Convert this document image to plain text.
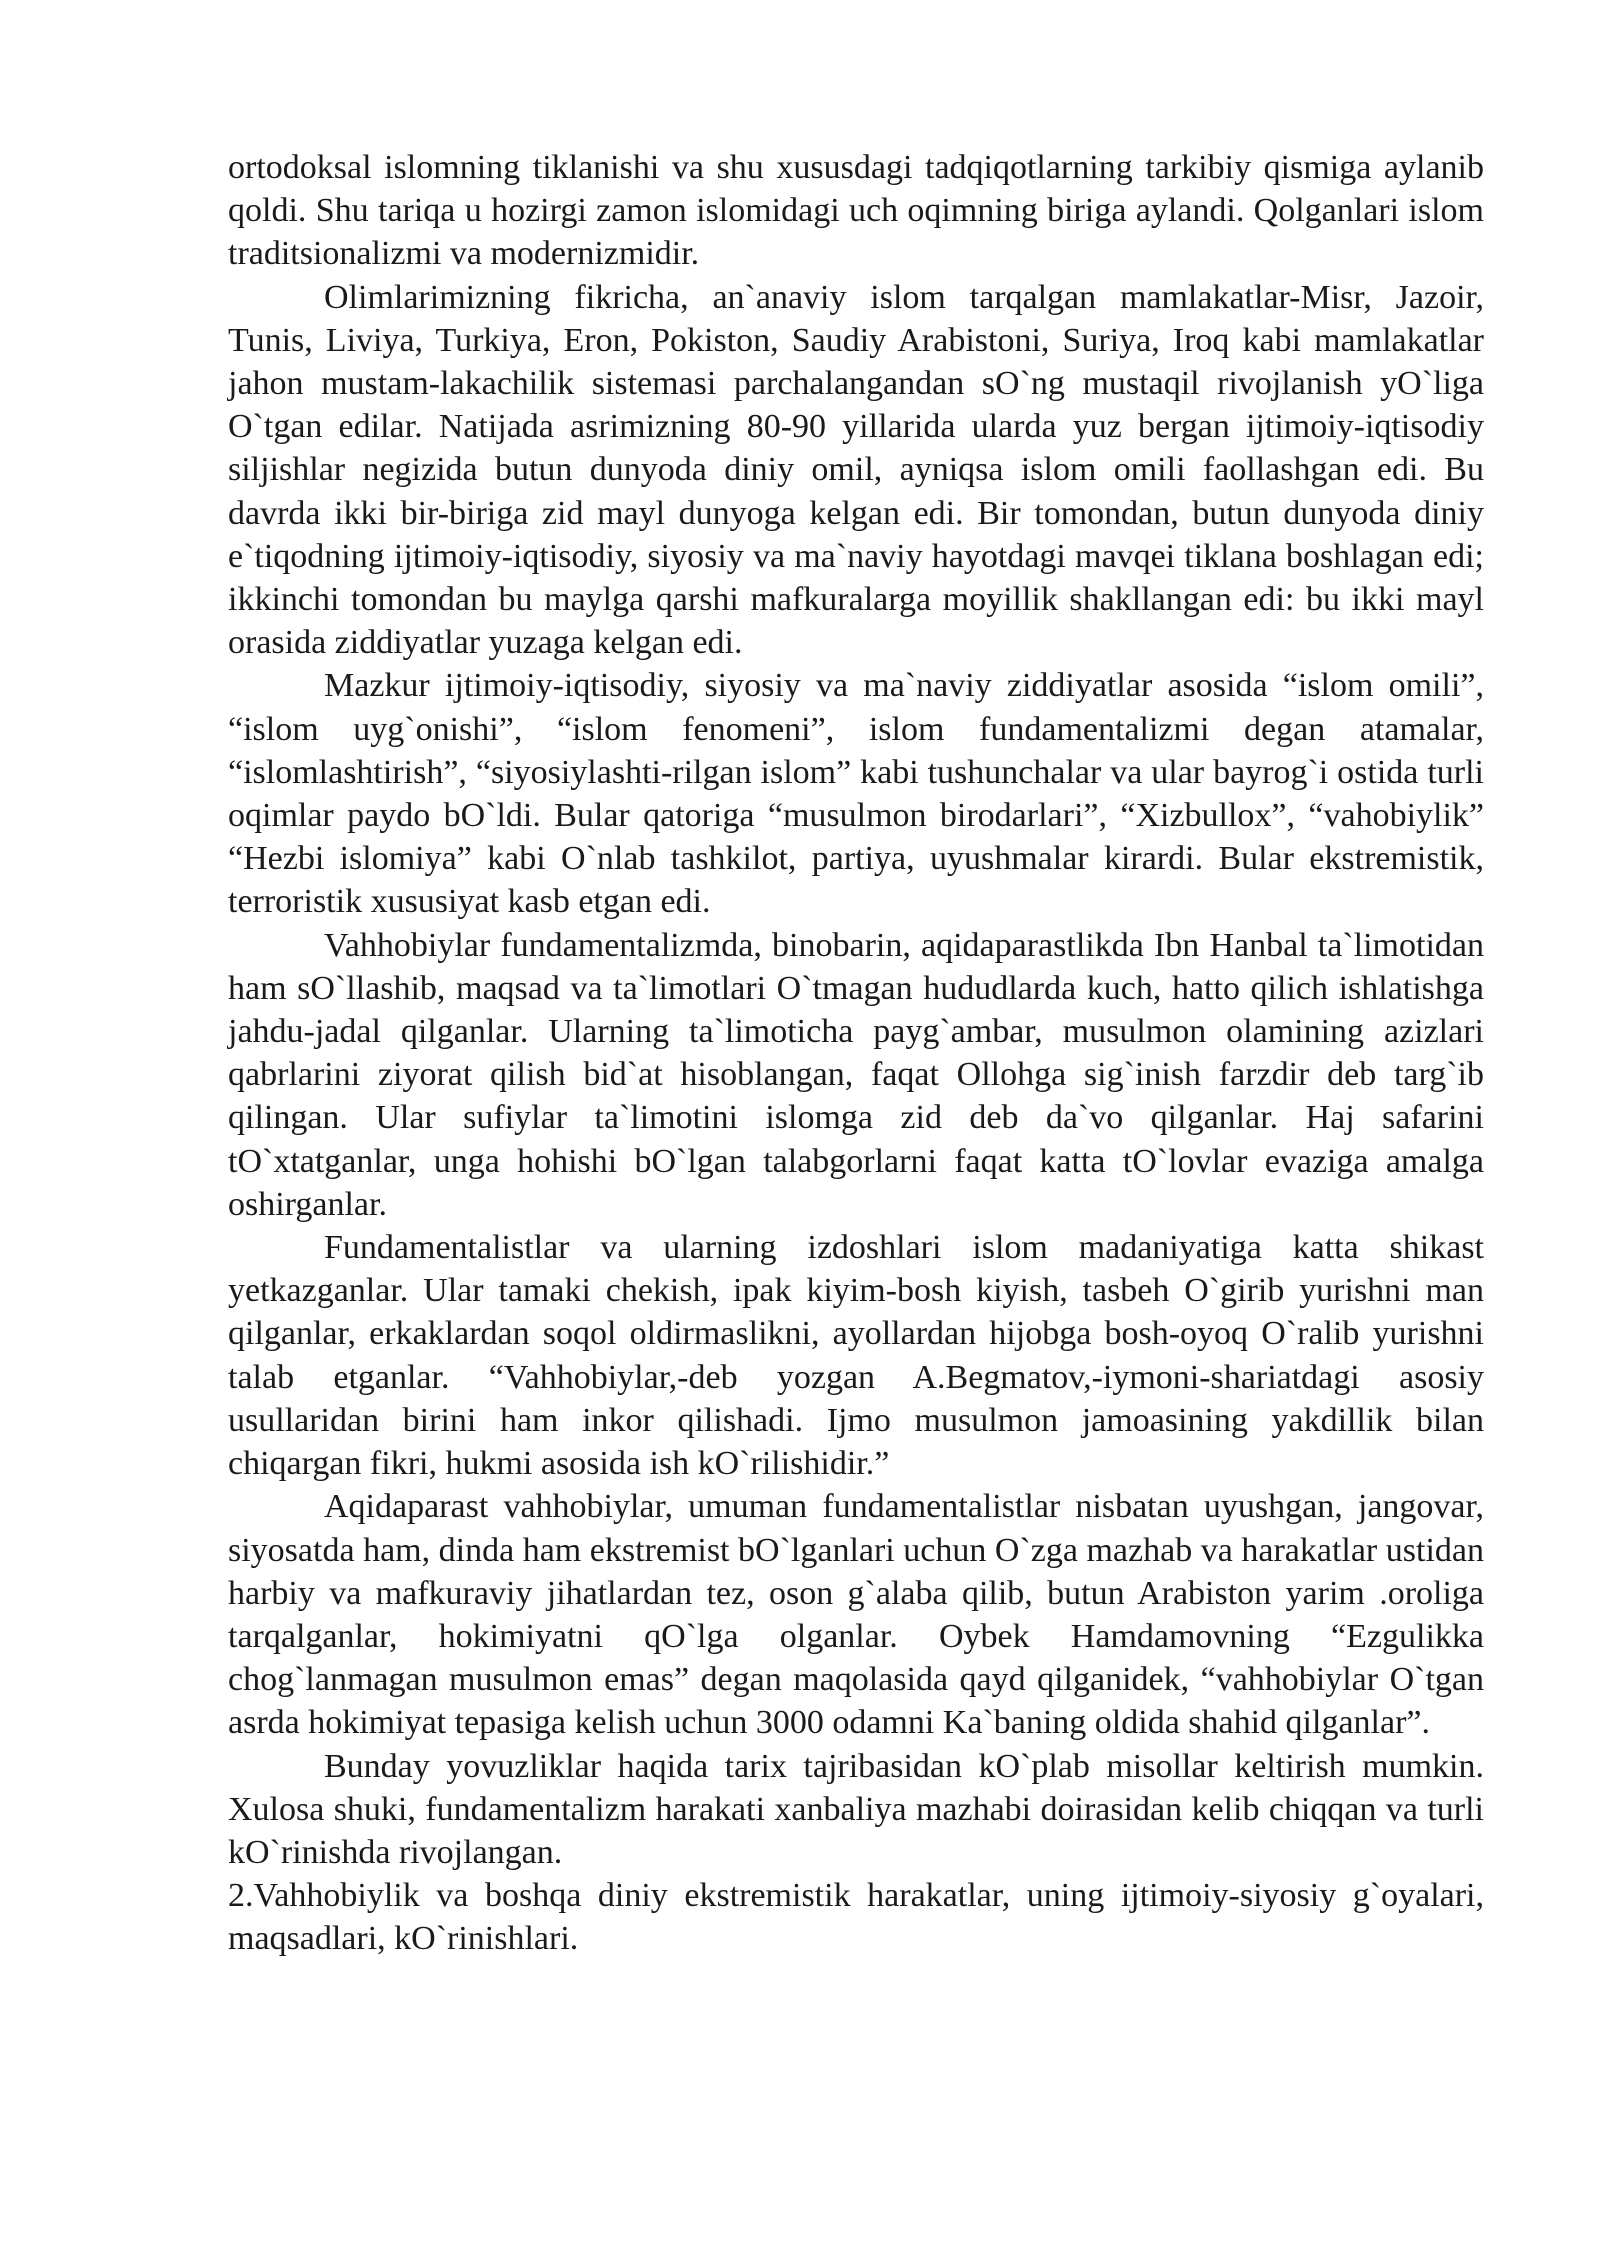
ortodoksal islomning tiklanishi va shu xususdagi tadqiqotlarning tarkibiy qismiga aylanib qoldi. Shu tariqa u hozirgi zamon islomidagi uch oqimning biriga aylandi. Qolganlari islom traditsionalizmi va modernizmidir.

Olimlarimizning fikricha, an`anaviy islom tarqalgan mamlakatlar-Misr, Jazoir, Tunis, Liviya, Turkiya, Eron, Pokiston, Saudiy Arabistoni, Suriya, Iroq kabi mamlakatlar jahon mustam-lakachilik sistemasi parchalangandan sO`ng mustaqil rivojlanish yO`liga O`tgan edilar. Natijada asrimizning 80-90 yillarida ularda yuz bergan ijtimoiy-iqtisodiy siljishlar negizida butun dunyoda diniy omil, ayniqsa islom omili faollashgan edi. Bu davrda ikki bir-biriga zid mayl dunyoga kelgan edi. Bir tomondan, butun dunyoda diniy e`tiqodning ijtimoiy-iqtisodiy, siyosiy va ma`naviy hayotdagi mavqei tiklana boshlagan edi; ikkinchi tomondan bu maylga qarshi mafkuralarga moyillik shakllangan edi: bu ikki mayl orasida ziddiyatlar yuzaga kelgan edi.

Mazkur ijtimoiy-iqtisodiy, siyosiy va ma`naviy ziddiyatlar asosida “islom omili”, “islom uyg`onishi”, “islom fenomeni”, islom fundamentalizmi degan atamalar, “islomlashtirish”, “siyosiylashti-rilgan islom” kabi tushunchalar va ular bayrog`i ostida turli oqimlar paydo bO`ldi. Bular qatoriga “musulmon birodarlari”, “Xizbullox”, “vahobiylik” “Hezbi islomiya” kabi O`nlab tashkilot, partiya, uyushmalar kirardi. Bular ekstremistik, terroristik xususiyat kasb etgan edi.

Vahhobiylar fundamentalizmda, binobarin, aqidaparastlikda Ibn Hanbal ta`limotidan ham sO`llashib, maqsad va ta`limotlari O`tmagan hududlarda kuch, hatto qilich ishlatishga jahdu-jadal qilganlar. Ularning ta`limoticha payg`ambar, musulmon olamining azizlari qabrlarini ziyorat qilish bid`at hisoblangan, faqat Ollohga sig`inish farzdir deb targ`ib qilingan. Ular sufiylar ta`limotini islomga zid deb da`vo qilganlar. Haj safarini tO`xtatganlar, unga hohishi bO`lgan talabgorlarni faqat katta tO`lovlar evaziga amalga oshirganlar.

Fundamentalistlar va ularning izdoshlari islom madaniyatiga katta shikast yetkazganlar. Ular tamaki chekish, ipak kiyim-bosh kiyish, tasbeh O`girib yurishni man qilganlar, erkaklardan soqol oldirmaslikni, ayollardan hijobga bosh-oyoq O`ralib yurishni talab etganlar. “Vahhobiylar,-deb yozgan A.Begmatov,-iymoni-shariatdagi asosiy usullaridan birini ham inkor qilishadi. Ijmo musulmon jamoasining yakdillik bilan chiqargan fikri, hukmi asosida ish kO`rilishidir.”

Aqidaparast vahhobiylar, umuman fundamentalistlar nisbatan uyushgan, jangovar, siyosatda ham, dinda ham ekstremist bO`lganlari uchun O`zga mazhab va harakatlar ustidan harbiy va mafkuraviy jihatlardan tez, oson g`alaba qilib, butun Arabiston yarim .oroliga tarqalganlar, hokimiyatni qO`lga olganlar. Oybek Hamdamovning “Ezgulikka chog`lanmagan musulmon emas” degan maqolasida qayd qilganidek, “vahhobiylar O`tgan asrda hokimiyat tepasiga kelish uchun 3000 odamni Ka`baning oldida shahid qilganlar”.

Bunday yovuzliklar haqida tarix tajribasidan kO`plab misollar keltirish mumkin. Xulosa shuki, fundamentalizm harakati xanbaliya mazhabi doirasidan kelib chiqqan va turli kO`rinishda rivojlangan.

2.Vahhobiylik va boshqa diniy ekstremistik harakatlar, uning ijtimoiy-siyosiy g`oyalari, maqsadlari, kO`rinishlari.
